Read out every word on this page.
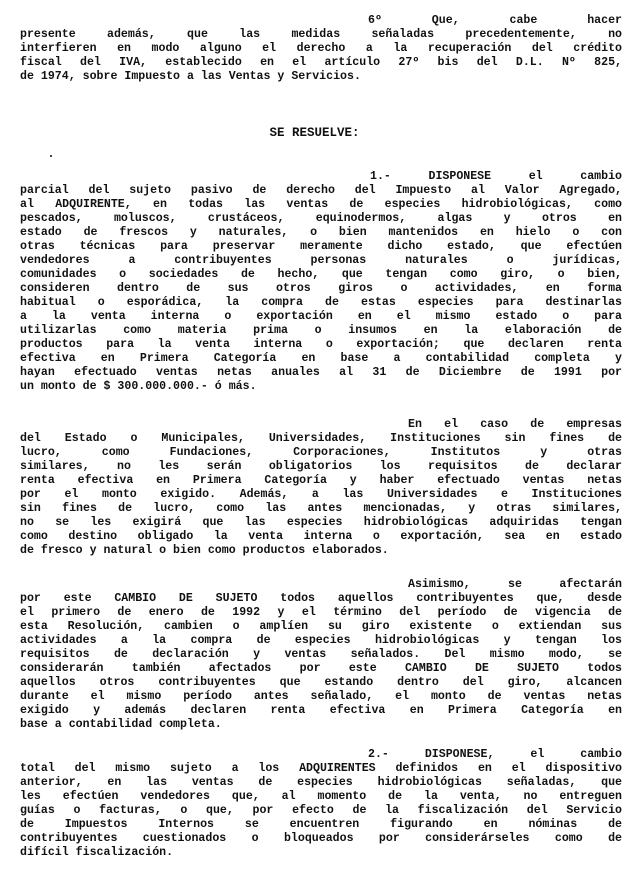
6º Que, cabe hacer
presente además, que las medidas señaladas precedentemente, no
interfieren en modo alguno el derecho a la recuperación del crédito
fiscal del IVA, establecido en el artículo 27º bis del D.L. Nº 825,
de 1974, sobre Impuesto a las Ventas y Servicios.
SE RESUELVE:
1.- DISPONESE el cambio
parcial del sujeto pasivo de derecho del Impuesto al Valor Agregado,
al ADQUIRENTE, en todas las ventas de especies hidrobiológicas, como
pescados, moluscos, crustáceos, equinodermos, algas y otros en
estado de frescos y naturales, o bien mantenidos en hielo o con
otras técnicas para preservar meramente dicho estado, que efectúen
vendedores a contribuyentes personas naturales o jurídicas,
comunidades o sociedades de hecho, que tengan como giro, o bien,
consideren dentro de sus otros giros o actividades, en forma
habitual o esporádica, la compra de estas especies para destinarlas
a la venta interna o exportación en el mismo estado o para
utilizarlas como materia prima o insumos en la elaboración de
productos para la venta interna o exportación; que declaren renta
efectiva en Primera Categoría en base a contabilidad completa y
hayan efectuado ventas netas anuales al 31 de Diciembre de 1991 por
un monto de $ 300.000.000.- ó más.
En el caso de empresas
del Estado o Municipales, Universidades, Instituciones sin fines de
lucro, como Fundaciones, Corporaciones, Institutos y otras
similares, no les serán obligatorios los requisitos de declarar
renta efectiva en Primera Categoría y haber efectuado ventas netas
por el monto exigido. Además, a las Universidades e Instituciones
sin fines de lucro, como las antes mencionadas, y otras similares,
no se les exigirá que las especies hidrobiológicas adquiridas tengan
como destino obligado la venta interna o exportación, sea en estado
de fresco y natural o bien como productos elaborados.
Asimismo, se afectarán
por este CAMBIO DE SUJETO todos aquellos contribuyentes que, desde
el primero de enero de 1992 y el término del período de vigencia de
esta Resolución, cambien o amplíen su giro existente o extiendan sus
actividades a la compra de especies hidrobiológicas y tengan los
requisitos de declaración y ventas señalados. Del mismo modo, se
considerarán también afectados por este CAMBIO DE SUJETO todos
aquellos otros contribuyentes que estando dentro del giro, alcancen
durante el mismo período antes señalado, el monto de ventas netas
exigido y además declaren renta efectiva en Primera Categoría en
base a contabilidad completa.
2.- DISPONESE, el cambio
total del mismo sujeto a los ADQUIRENTES definidos en el dispositivo
anterior, en las ventas de especies hidrobiológicas señaladas, que
les efectúen vendedores que, al momento de la venta, no entreguen
guías o facturas, o que, por efecto de la fiscalización del Servicio
de Impuestos Internos se encuentren figurando en nóminas de
contribuyentes cuestionados o bloqueados por considerárseles como de
difícil fiscalización.
